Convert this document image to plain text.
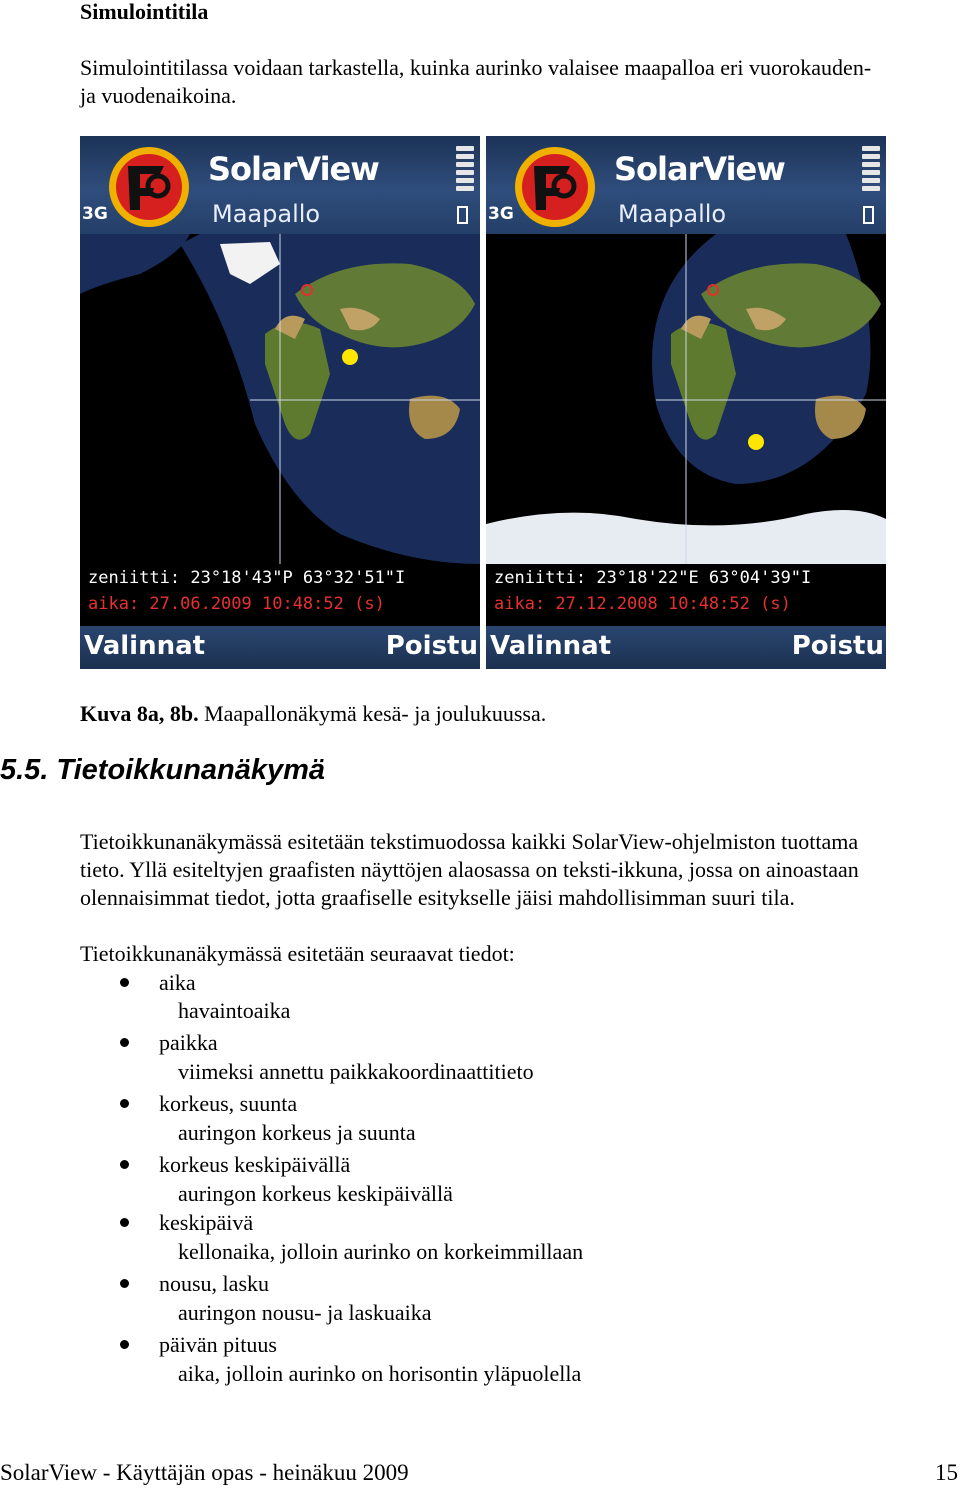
Simulointitila
Simulointitilassa voidaan tarkastella, kuinka aurinko valaisee maapalloa eri vuorokauden-
ja vuodenaikoina.
3G
SolarView
Maapallo
zeniitti: 23°18'43"P 63°32'51"I
aika: 27.06.2009 10:48:52 (s)
Valinnat	Poistu
3G
SolarView
Maapallo
zeniitti: 23°18'22"E 63°04'39"I
aika: 27.12.2008 10:48:52 (s)
Valinnat	Poistu
Kuva 8a, 8b. Maapallonäkymä kesä- ja joulukuussa.
5.5. Tietoikkunanäkymä
Tietoikkunanäkymässä esitetään tekstimuodossa kaikki SolarView-ohjelmiston tuottama
tieto. Yllä esiteltyjen graafisten näyttöjen alaosassa on teksti-ikkuna, jossa on ainoastaan
olennaisimmat tiedot, jotta graafiselle esitykselle jäisi mahdollisimman suuri tila.
Tietoikkunanäkymässä esitetään seuraavat tiedot:
aika
havaintoaika
paikka
viimeksi annettu paikkakoordinaattitieto
korkeus, suunta
auringon korkeus ja suunta
korkeus keskipäivällä
auringon korkeus keskipäivällä
keskipäivä
kellonaika, jolloin aurinko on korkeimmillaan
nousu, lasku
auringon nousu- ja laskuaika
päivän pituus
aika, jolloin aurinko on horisontin yläpuolella
SolarView - Käyttäjän opas - heinäkuu 2009	15
